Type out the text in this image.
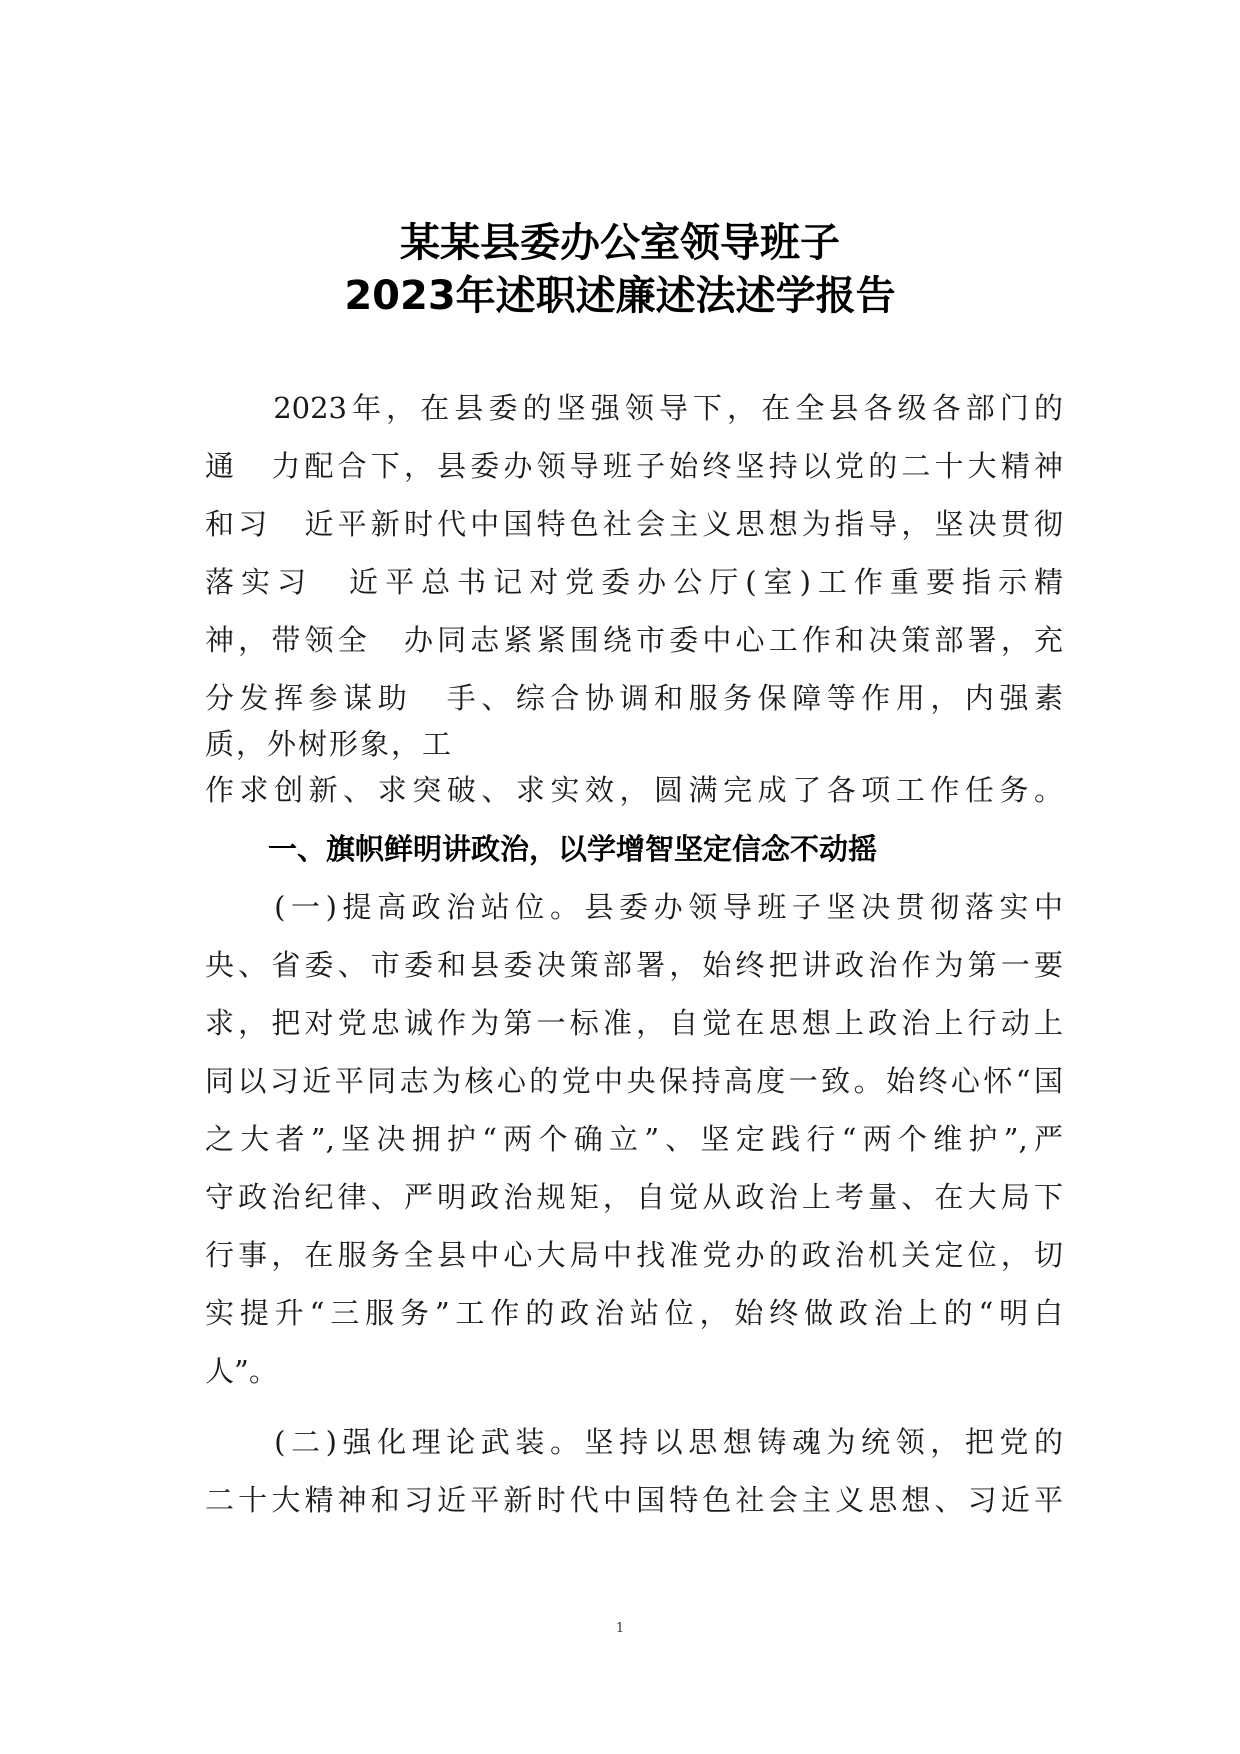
某某县委办公室领导班子
2023年述职述廉述法述学报告
　　2023年，在县委的坚强领导下，在全县各级各部门的
通　力配合下，县委办领导班子始终坚持以党的二十大精神
和习　近平新时代中国特色社会主义思想为指导，坚决贯彻
落实习　近平总书记对党委办公厅(室)工作重要指示精
神，带领全　办同志紧紧围绕市委中心工作和决策部署，充
分发挥参谋助　手、综合协调和服务保障等作用，内强素
质，外树形象，工
作求创新、求突破、求实效，圆满完成了各项工作任务。
一、旗帜鲜明讲政治，以学增智坚定信念不动摇
　　(一)提高政治站位。县委办领导班子坚决贯彻落实中
央、省委、市委和县委决策部署，始终把讲政治作为第一要
求，把对党忠诚作为第一标准，自觉在思想上政治上行动上
同以习近平同志为核心的党中央保持高度一致。始终心怀“国
之大者”,坚决拥护“两个确立”、坚定践行“两个维护”,严
守政治纪律、严明政治规矩，自觉从政治上考量、在大局下
行事，在服务全县中心大局中找准党办的政治机关定位，切
实提升“三服务”工作的政治站位，始终做政治上的“明白
人”。
　　(二)强化理论武装。坚持以思想铸魂为统领，把党的
二十大精神和习近平新时代中国特色社会主义思想、习近平
1
